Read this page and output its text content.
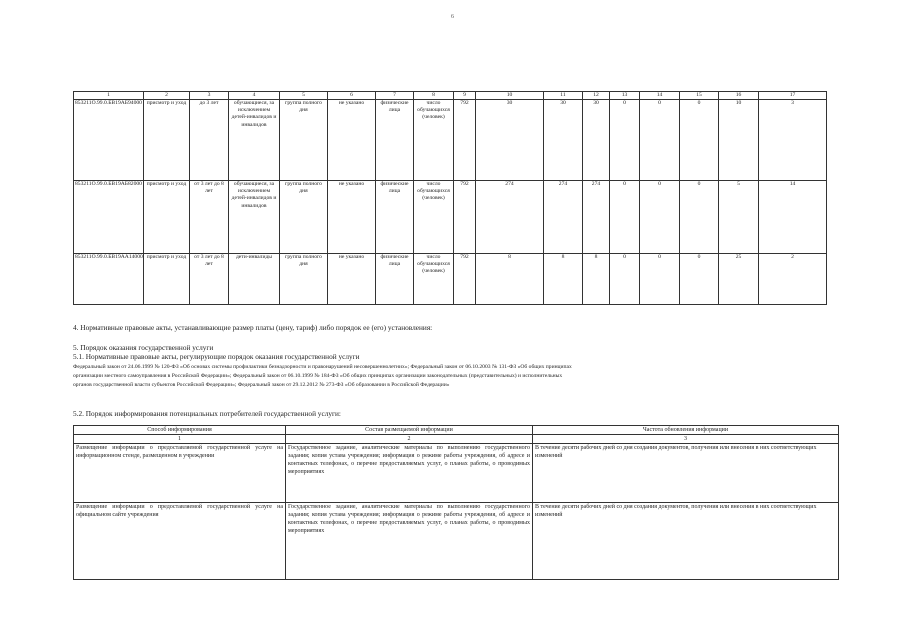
6
1	2	3	4	5	6	7	8	9	10	11	12	13	14	15	16	17
853211О.99.0.БВ19АБ94000	присмотр и уход	до 3 лет	обучающиеся, за исключением детей-инвалидов и инвалидов	группа полного дня	не указано	физические лица	число обучающихся (человек)	792	30	30	30	0	0	0	10	3
853211О.99.0.БВ19АБ82000	присмотр и уход	от 3 лет до 8 лет	обучающиеся, за исключением детей-инвалидов и инвалидов	группа полного дня	не указано	физические лица	число обучающихся (человек)	792	274	274	274	0	0	0	5	14
853211О.99.0.БВ19АА14000	присмотр и уход	от 3 лет до 8 лет	дети-инвалиды	группа полного дня	не указано	физические лица	число обучающихся (человек)	792	8	8	8	0	0	0	25	2
4. Нормативные правовые акты, устанавливающие размер платы (цену, тариф) либо порядок ее (его) установления:
5. Порядок оказания государственной услуги
5.1. Нормативные правовые акты, регулирующие порядок оказания государственной услуги
Федеральный закон от 24.06.1999 № 120-ФЗ «Об основах системы профилактики безнадзорности и правонарушений несовершеннолетних»; Федеральный закон от 06.10.2003 № 131-ФЗ «Об общих принципах
организации местного самоуправления в Российской Федерации»; Федеральный закон от 06.10.1999 № 184-ФЗ «Об общих принципах организации законодательных (представительных) и исполнительных
органов государственной власти субъектов Российской Федерации»; Федеральный закон от 29.12.2012 № 273-ФЗ «Об образовании в Российской Федерации»
5.2. Порядок информирования потенциальных потребителей государственной услуги:
Способ информирования	Состав размещаемой информации	Частота обновления информации
1	2	3
Размещение информации о предоставляемой государственной услуге на информационном стенде, размещенном в учреждении	Государственное задание, аналитические материалы по выполнению государственного задания; копия устава учреждения; информация о режиме работы учреждения, об адресе и контактных телефонах, о перечне предоставляемых услуг, о планах работы, о проводимых мероприятиях	В течение десяти рабочих дней со дня создания документов, получения или внесения в них соответствующих изменений
Размещение информации о предоставляемой государственной услуге на официальном сайте учреждения	Государственное задание, аналитические материалы по выполнению государственного задания; копия устава учреждения; информация о режиме работы учреждения, об адресе и контактных телефонах, о перечне предоставляемых услуг, о планах работы, о проводимых мероприятиях	В течение десяти рабочих дней со дня создания документов, получения или внесения в них соответствующих изменений
